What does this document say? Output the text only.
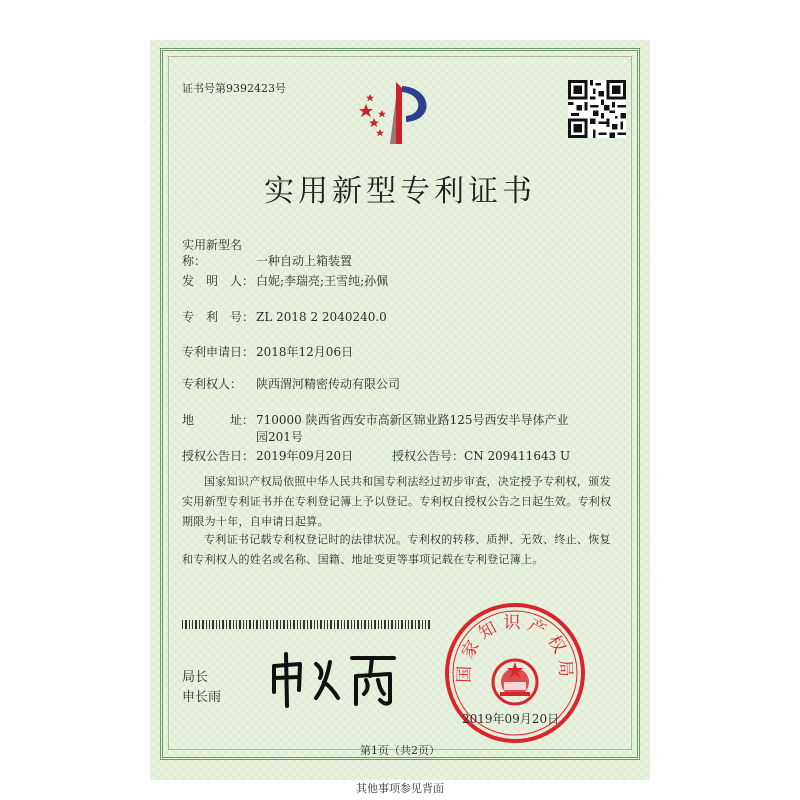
证书号第9392423号
实用新型专利证书
实用新型名称：	一种自动上箱装置
发　明　人： 白妮;李瑞亮;王雪纯;孙佩
专　利　号： ZL 2018 2 2040240.0
专利申请日： 2018年12月06日
专利权人： 陕西渭河精密传动有限公司
地　　　址： 710000 陕西省西安市高新区锦业路125号西安半导体产业
园201号
授权公告日： 2019年09月20日	授权公告号：CN 209411643 U
国家知识产权局依照中华人民共和国专利法经过初步审查，决定授予专利权，颁发实用新型专利证书并在专利登记簿上予以登记。专利权自授权公告之日起生效。专利权期限为十年，自申请日起算。
专利证书记载专利权登记时的法律状况。专利权的转移、质押、无效、终止、恢复和专利权人的姓名或名称、国籍、地址变更等事项记载在专利登记簿上。
局长
申长雨
国家知识产权局
2019年09月20日
第1页（共2页）
其他事项参见背面
